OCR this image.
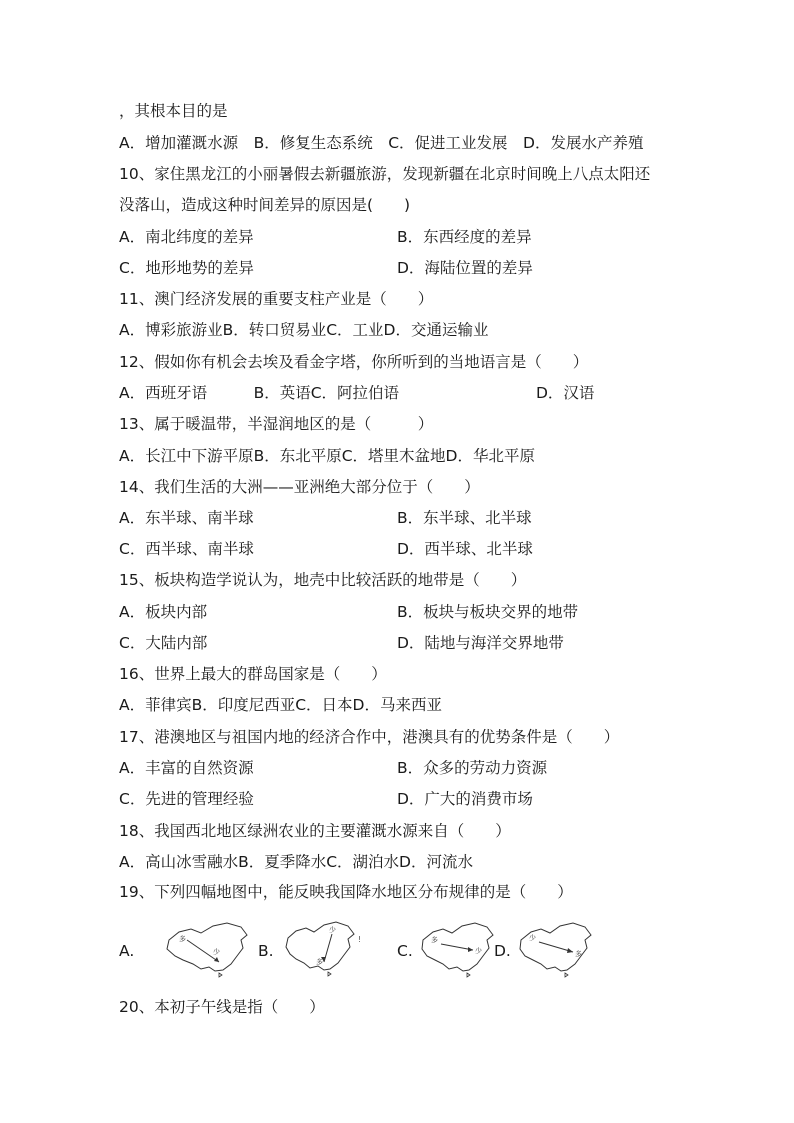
，其根本目的是

A．增加灌溉水源　B．修复生态系统　C．促进工业发展　D．发展水产养殖

10、家住黑龙江的小丽暑假去新疆旅游，发现新疆在北京时间晚上八点太阳还

没落山，造成这种时间差异的原因是(　　)

A．南北纬度的差异	B．东西经度的差异

C．地形地势的差异	D．海陆位置的差异

11、澳门经济发展的重要支柱产业是（　　）

A．博彩旅游业B．转口贸易业C．工业D．交通运输业

12、假如你有机会去埃及看金字塔，你所听到的当地语言是（　　）

A．西班牙语　　　B．英语C．阿拉伯语	D．汉语

13、属于暖温带，半湿润地区的是（　　　）

A．长江中下游平原B．东北平原C．塔里木盆地D．华北平原

14、我们生活的大洲——亚洲绝大部分位于（　　）

A．东半球、南半球	B．东半球、北半球

C．西半球、南半球	D．西半球、北半球

15、板块构造学说认为，地壳中比较活跃的地带是（　　）

A．板块内部	B．板块与板块交界的地带

C．大陆内部	D．陆地与海洋交界地带

16、世界上最大的群岛国家是（　　）

A．菲律宾B．印度尼西亚C．日本D．马来西亚

17、港澳地区与祖国内地的经济合作中，港澳具有的优势条件是（　　）

A．丰富的自然资源	B．众多的劳动力资源

C．先进的管理经验	D．广大的消费市场

18、我国西北地区绿洲农业的主要灌溉水源来自（　　）

A．高山冰雪融水B．夏季降水C．湖泊水D．河流水

19、下列四幅地图中，能反映我国降水地区分布规律的是（　　）

A.
多
少 B.
少
多
!
C.
多
少 D.
少
多

20、本初子午线是指（　　）
